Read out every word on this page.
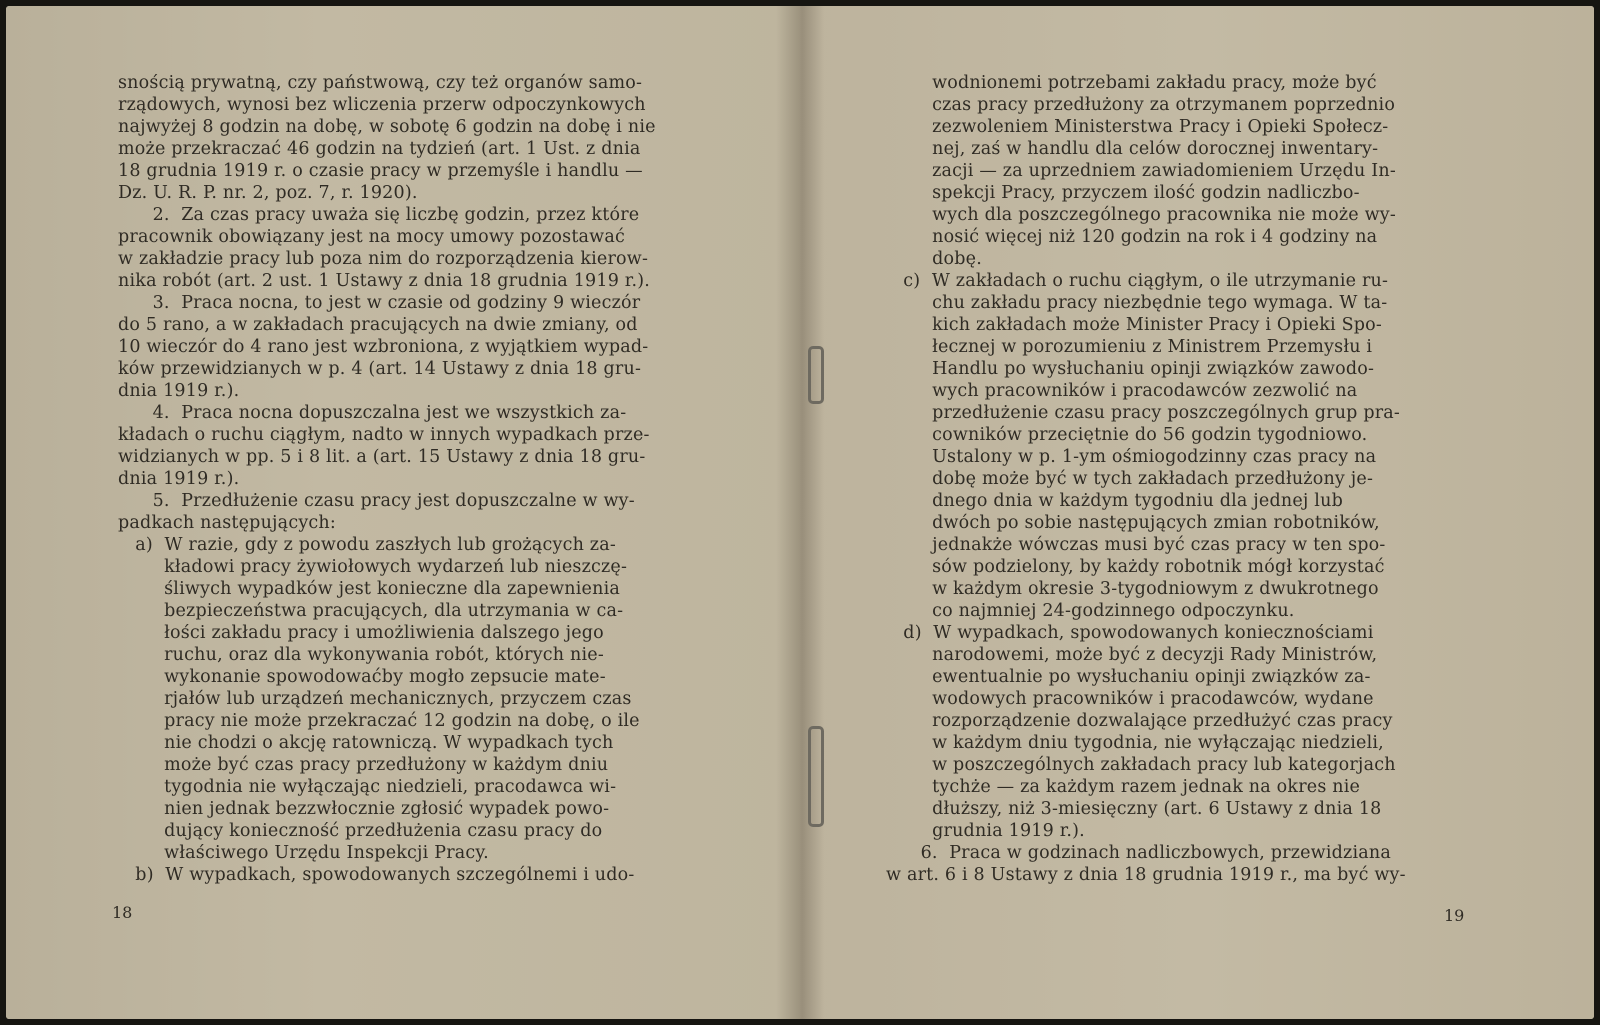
snością prywatną, czy państwową, czy też organów samo-
rządowych, wynosi bez wliczenia przerw odpoczynkowych
najwyżej 8 godzin na dobę, w sobotę 6 godzin na dobę i nie
może przekraczać 46 godzin na tydzień (art. 1 Ust. z dnia
18 grudnia 1919 r. o czasie pracy w przemyśle i handlu —
Dz. U. R. P. nr. 2, poz. 7, r. 1920).
2.  Za czas pracy uważa się liczbę godzin, przez które
pracownik obowiązany jest na mocy umowy pozostawać
w zakładzie pracy lub poza nim do rozporządzenia kierow-
nika robót (art. 2 ust. 1 Ustawy z dnia 18 grudnia 1919 r.).
3.  Praca nocna, to jest w czasie od godziny 9 wieczór
do 5 rano, a w zakładach pracujących na dwie zmiany, od
10 wieczór do 4 rano jest wzbroniona, z wyjątkiem wypad-
ków przewidzianych w p. 4 (art. 14 Ustawy z dnia 18 gru-
dnia 1919 r.).
4.  Praca nocna dopuszczalna jest we wszystkich za-
kładach o ruchu ciągłym, nadto w innych wypadkach prze-
widzianych w pp. 5 i 8 lit. a (art. 15 Ustawy z dnia 18 gru-
dnia 1919 r.).
5.  Przedłużenie czasu pracy jest dopuszczalne w wy-
padkach następujących:
a)  W razie, gdy z powodu zaszłych lub grożących za-
kładowi pracy żywiołowych wydarzeń lub nieszczę-
śliwych wypadków jest konieczne dla zapewnienia
bezpieczeństwa pracujących, dla utrzymania w ca-
łości zakładu pracy i umożliwienia dalszego jego
ruchu, oraz dla wykonywania robót, których nie-
wykonanie spowodowaćby mogło zepsucie mate-
rjałów lub urządzeń mechanicznych, przyczem czas
pracy nie może przekraczać 12 godzin na dobę, o ile
nie chodzi o akcję ratowniczą. W wypadkach tych
może być czas pracy przedłużony w każdym dniu
tygodnia nie wyłączając niedzieli, pracodawca wi-
nien jednak bezzwłocznie zgłosić wypadek powo-
dujący konieczność przedłużenia czasu pracy do
właściwego Urzędu Inspekcji Pracy.
b)  W wypadkach, spowodowanych szczególnemi i udo-
wodnionemi potrzebami zakładu pracy, może być
czas pracy przedłużony za otrzymanem poprzednio
zezwoleniem Ministerstwa Pracy i Opieki Społecz-
nej, zaś w handlu dla celów dorocznej inwentary-
zacji — za uprzedniem zawiadomieniem Urzędu In-
spekcji Pracy, przyczem ilość godzin nadliczbo-
wych dla poszczególnego pracownika nie może wy-
nosić więcej niż 120 godzin na rok i 4 godziny na
dobę.
c)  W zakładach o ruchu ciągłym, o ile utrzymanie ru-
chu zakładu pracy niezbędnie tego wymaga. W ta-
kich zakładach może Minister Pracy i Opieki Spo-
łecznej w porozumieniu z Ministrem Przemysłu i
Handlu po wysłuchaniu opinji związków zawodo-
wych pracowników i pracodawców zezwolić na
przedłużenie czasu pracy poszczególnych grup pra-
cowników przeciętnie do 56 godzin tygodniowo.
Ustalony w p. 1-ym ośmiogodzinny czas pracy na
dobę może być w tych zakładach przedłużony je-
dnego dnia w każdym tygodniu dla jednej lub
dwóch po sobie następujących zmian robotników,
jednakże wówczas musi być czas pracy w ten spo-
sów podzielony, by każdy robotnik mógł korzystać
w każdym okresie 3-tygodniowym z dwukrotnego
co najmniej 24-godzinnego odpoczynku.
d)  W wypadkach, spowodowanych koniecznościami
narodowemi, może być z decyzji Rady Ministrów,
ewentualnie po wysłuchaniu opinji związków za-
wodowych pracowników i pracodawców, wydane
rozporządzenie dozwalające przedłużyć czas pracy
w każdym dniu tygodnia, nie wyłączając niedzieli,
w poszczególnych zakładach pracy lub kategorjach
tychże — za każdym razem jednak na okres nie
dłuższy, niż 3-miesięczny (art. 6 Ustawy z dnia 18
grudnia 1919 r.).
6.  Praca w godzinach nadliczbowych, przewidziana
w art. 6 i 8 Ustawy z dnia 18 grudnia 1919 r., ma być wy-
18	19
